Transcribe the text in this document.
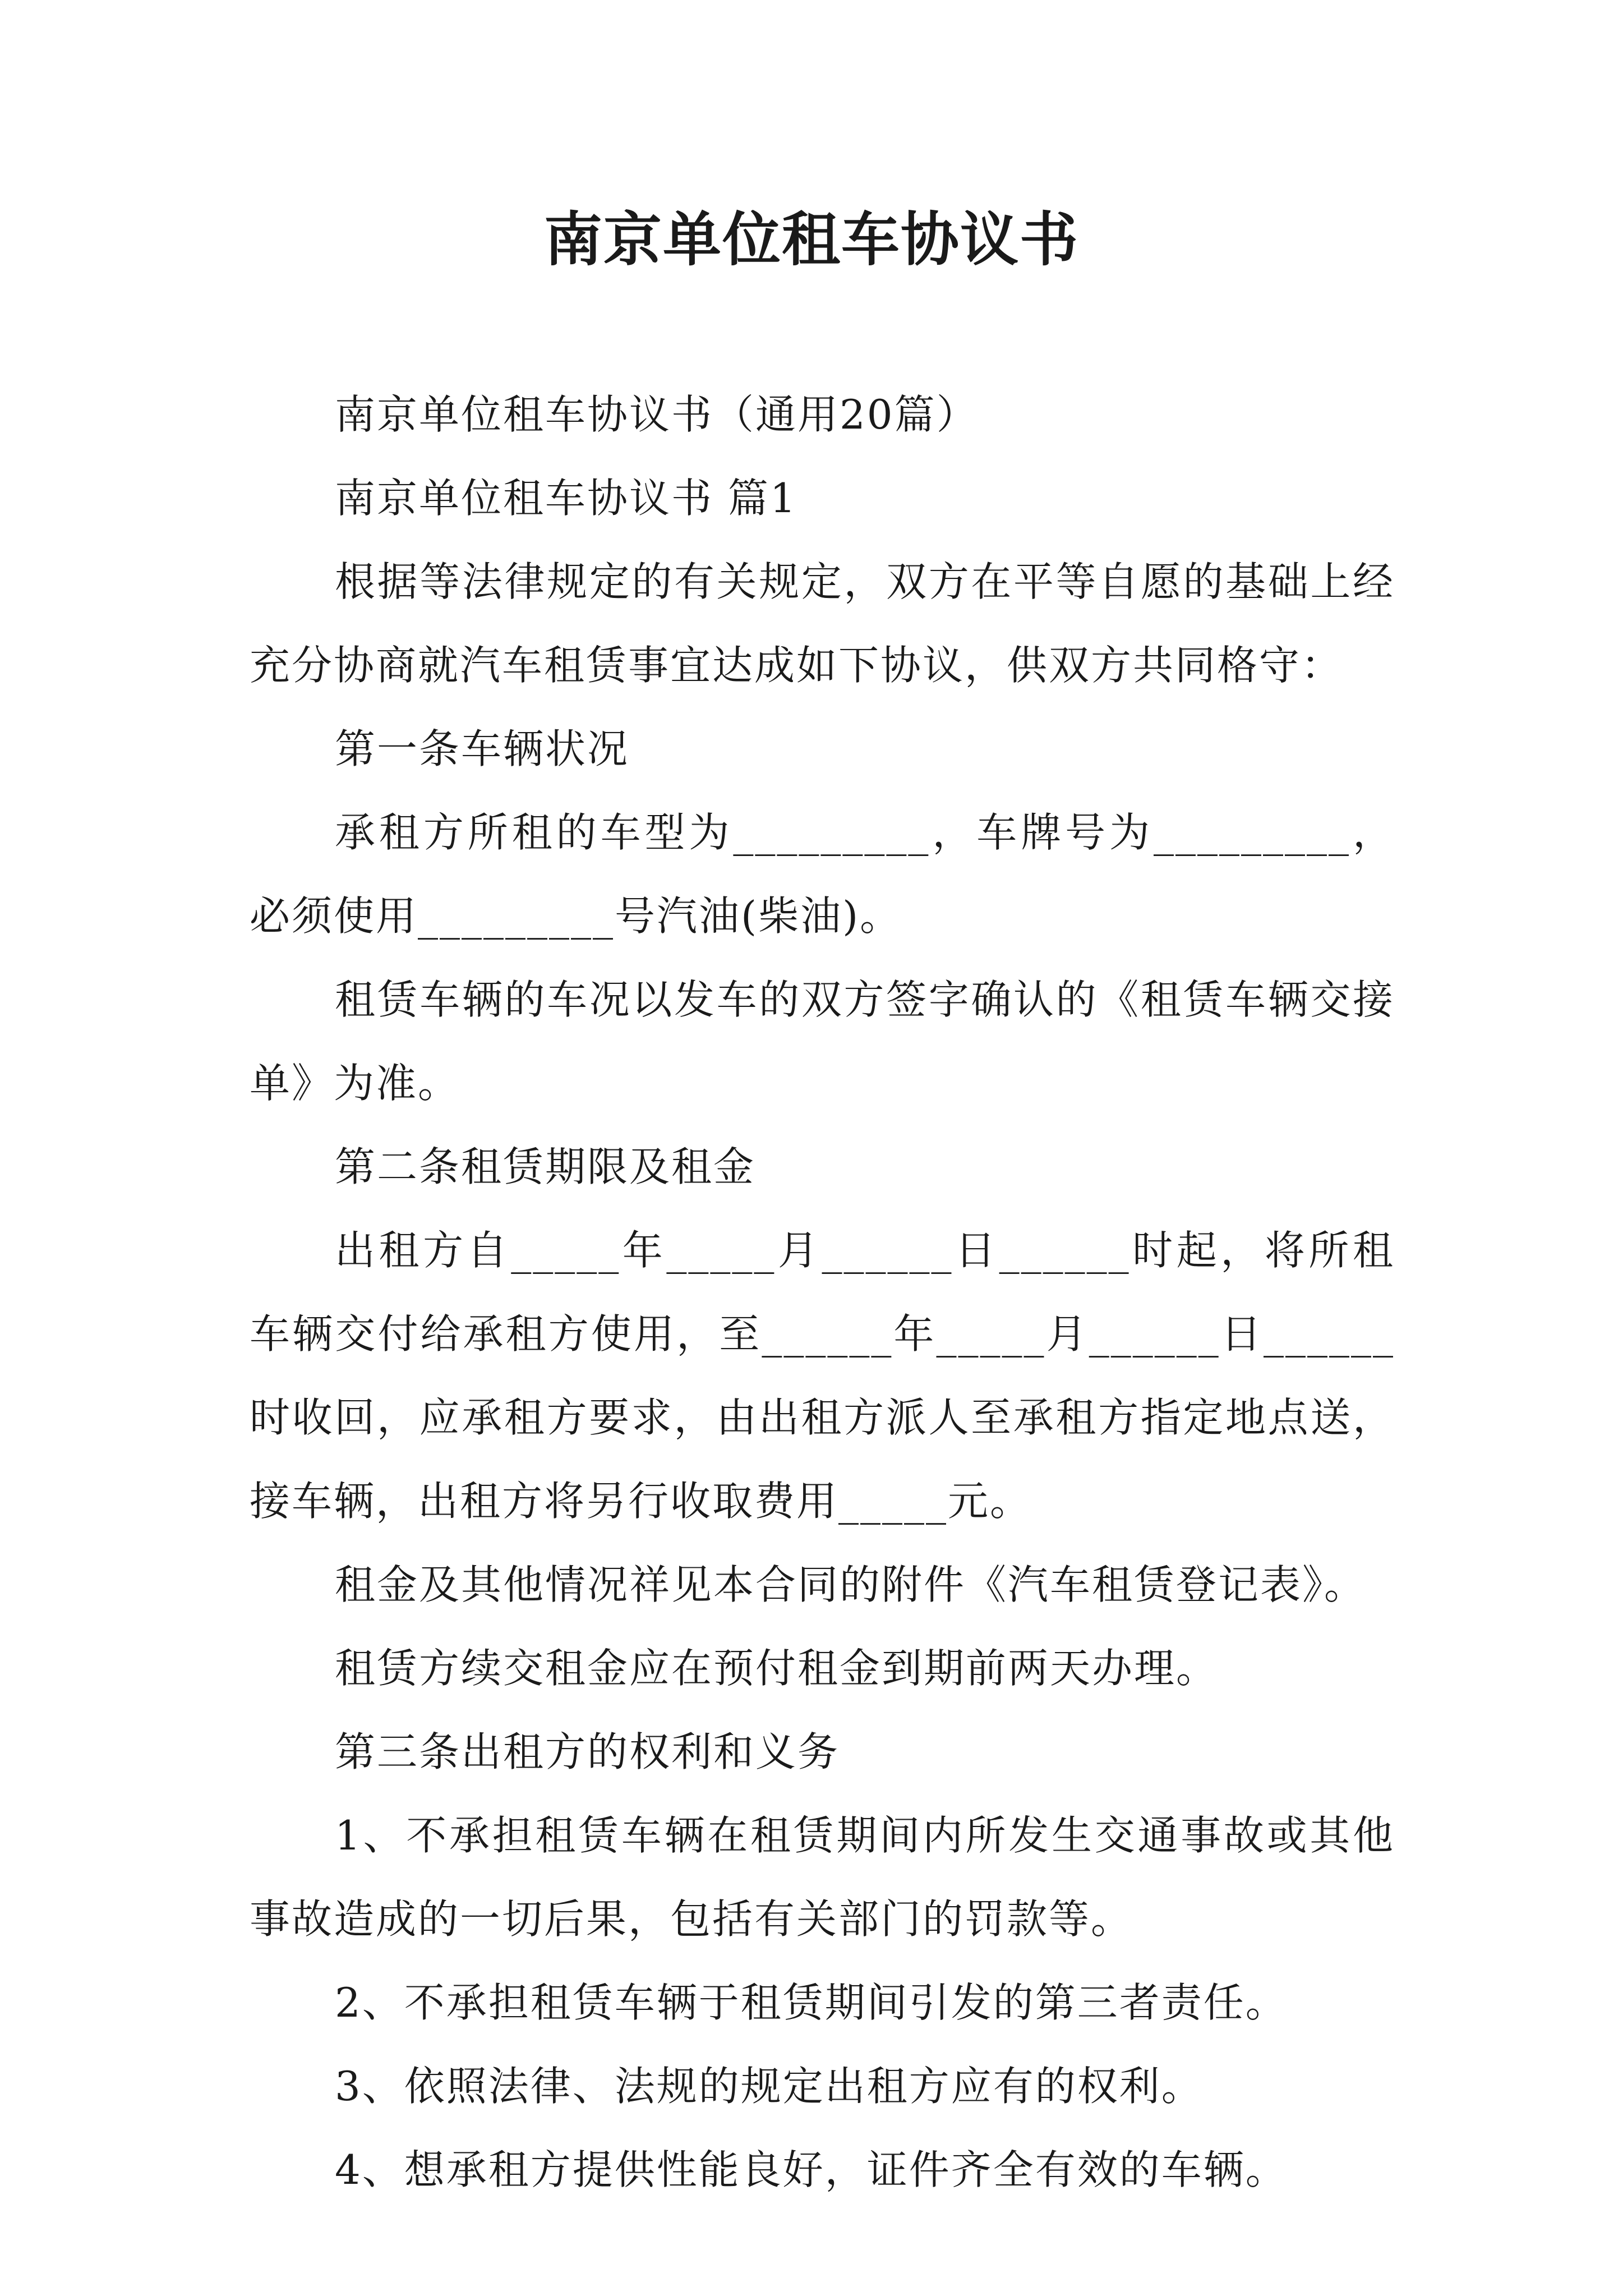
南京单位租车协议书

南京单位租车协议书（通用20篇）

南京单位租车协议书 篇1

根据等法律规定的有关规定，双方在平等自愿的基础上经充分协商就汽车租赁事宜达成如下协议，供双方共同格守：

第一条车辆状况

承租方所租的车型为_________，车牌号为_________，必须使用_________号汽油(柴油)。

租赁车辆的车况以发车的双方签字确认的《租赁车辆交接单》为准。

第二条租赁期限及租金

出租方自_____年_____月______日______时起，将所租车辆交付给承租方使用，至______年_____月______日______时收回，应承租方要求，由出租方派人至承租方指定地点送，接车辆，出租方将另行收取费用_____元。

租金及其他情况祥见本合同的附件《汽车租赁登记表》。

租赁方续交租金应在预付租金到期前两天办理。

第三条出租方的权利和义务

1、不承担租赁车辆在租赁期间内所发生交通事故或其他事故造成的一切后果，包括有关部门的罚款等。

2、不承担租赁车辆于租赁期间引发的第三者责任。

3、依照法律、法规的规定出租方应有的权利。

4、想承租方提供性能良好，证件齐全有效的车辆。
